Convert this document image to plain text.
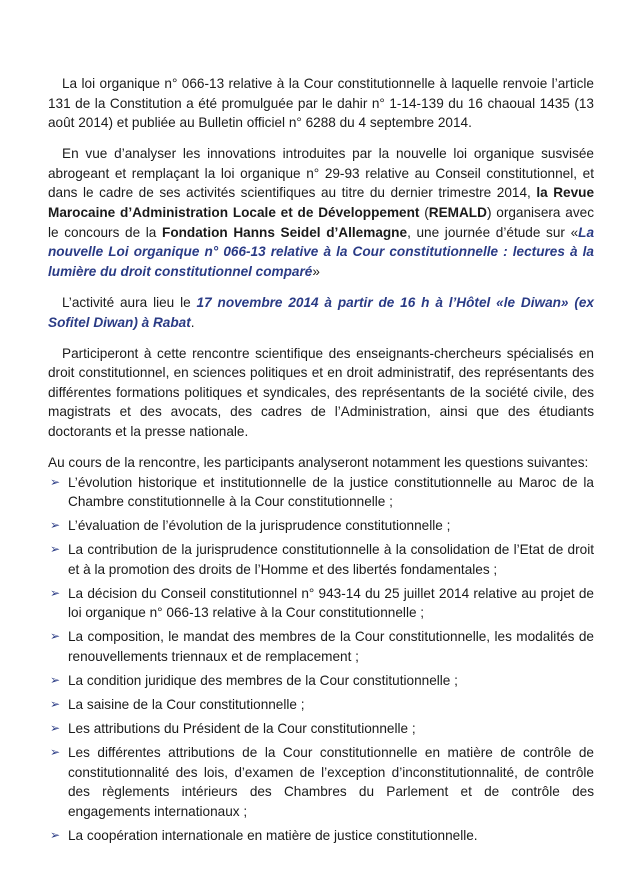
La loi organique n° 066-13 relative à la Cour constitutionnelle à laquelle renvoie l’article 131 de la Constitution a été promulguée par le dahir n° 1-14-139 du 16 chaoual 1435 (13 août 2014) et publiée au Bulletin officiel n° 6288 du 4 septembre 2014.

En vue d’analyser les innovations introduites par la nouvelle loi organique susvisée abrogeant et remplaçant la loi organique n° 29-93 relative au Conseil constitutionnel, et dans le cadre de ses activités scientifiques au titre du dernier trimestre 2014, la Revue Marocaine d’Administration Locale et de Développement (REMALD) organisera avec le concours de la Fondation Hanns Seidel d’Allemagne, une journée d’étude sur «La nouvelle Loi organique n° 066-13 relative à la Cour constitutionnelle : lectures à la lumière du droit constitutionnel comparé»

L’activité aura lieu le 17 novembre 2014 à partir de 16 h à l’Hôtel «le Diwan» (ex Sofitel Diwan) à Rabat.

Participeront à cette rencontre scientifique des enseignants-chercheurs spécialisés en droit constitutionnel, en sciences politiques et en droit administratif, des représentants des différentes formations politiques et syndicales, des représentants de la société civile, des magistrats et des avocats, des cadres de l’Administration, ainsi que des étudiants doctorants et la presse nationale.

Au cours de la rencontre, les participants analyseront notamment les questions suivantes:
➢ L’évolution historique et institutionnelle de la justice constitutionnelle au Maroc de la Chambre constitutionnelle à la Cour constitutionnelle ;
➢ L’évaluation de l’évolution de la jurisprudence constitutionnelle ;
➢ La contribution de la jurisprudence constitutionnelle à la consolidation de l’Etat de droit et à la promotion des droits de l’Homme et des libertés fondamentales ;
➢ La décision du Conseil constitutionnel n° 943-14 du 25 juillet 2014 relative au projet de loi organique n° 066-13 relative à la Cour constitutionnelle ;
➢ La composition, le mandat des membres de la Cour constitutionnelle, les modalités de renouvellements triennaux et de remplacement ;
➢ La condition juridique des membres de la Cour constitutionnelle ;
➢ La saisine de la Cour constitutionnelle ;
➢ Les attributions du Président de la Cour constitutionnelle ;
➢ Les différentes attributions de la Cour constitutionnelle en matière de contrôle de constitutionnalité des lois, d’examen de l’exception d’inconstitutionnalité, de contrôle des règlements intérieurs des Chambres du Parlement et de contrôle des engagements internationaux ;
➢ La coopération internationale en matière de justice constitutionnelle.
